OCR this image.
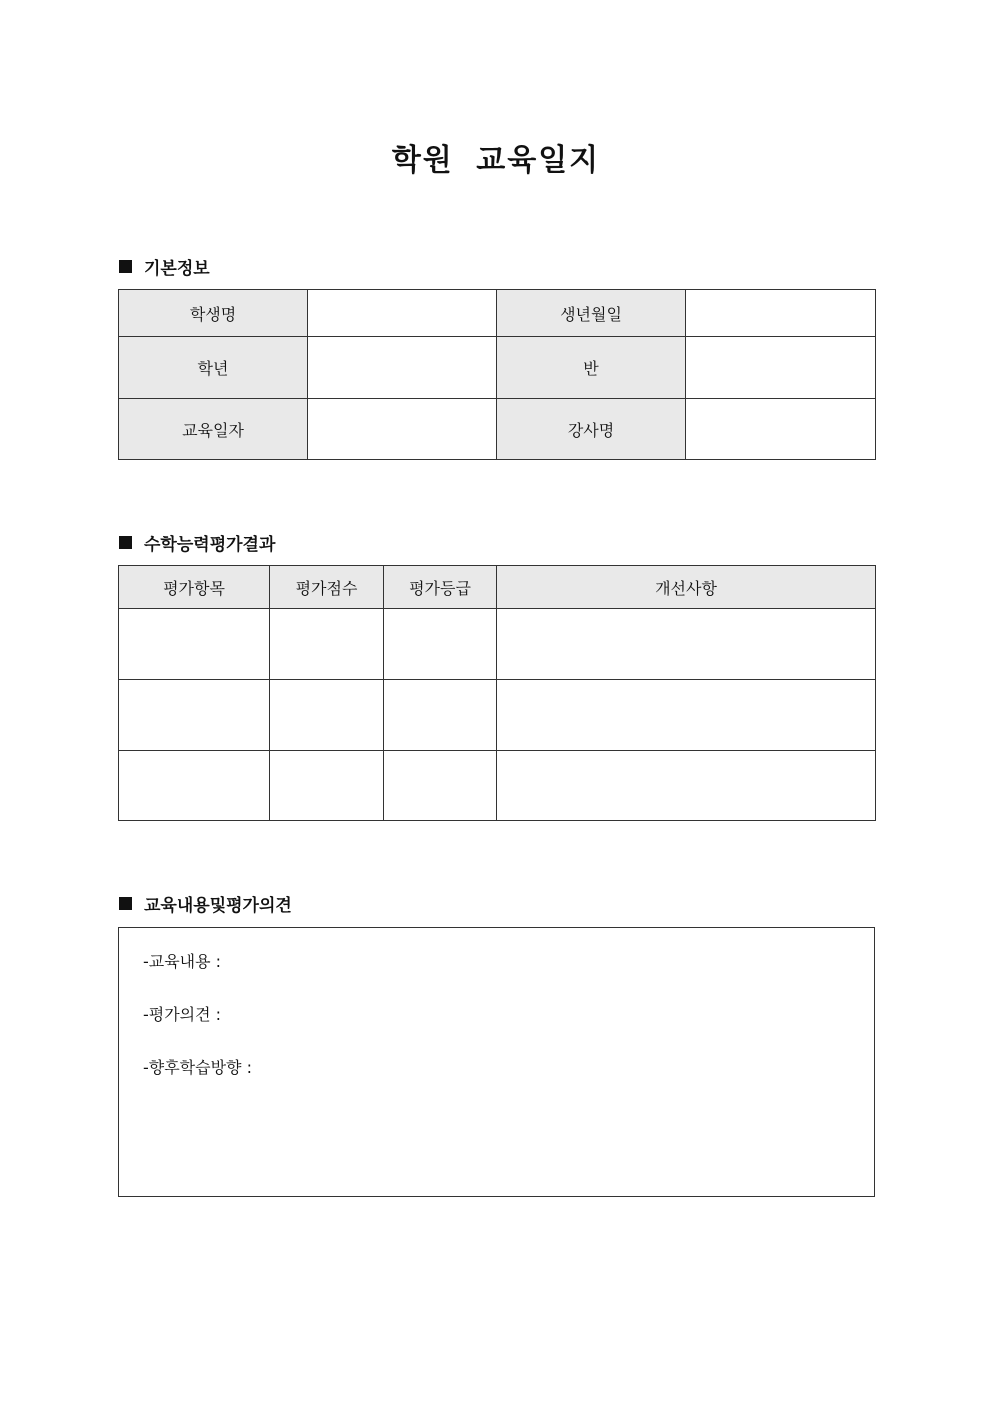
학원 교육일지
기본정보
학생명		생년월일	
학년		반	
교육일자		강사명	
수학능력평가결과
평가항목	평가점수	평가등급	개선사항

교육내용및평가의견
-교육내용 :
-평가의견 :
-향후학습방향 :
